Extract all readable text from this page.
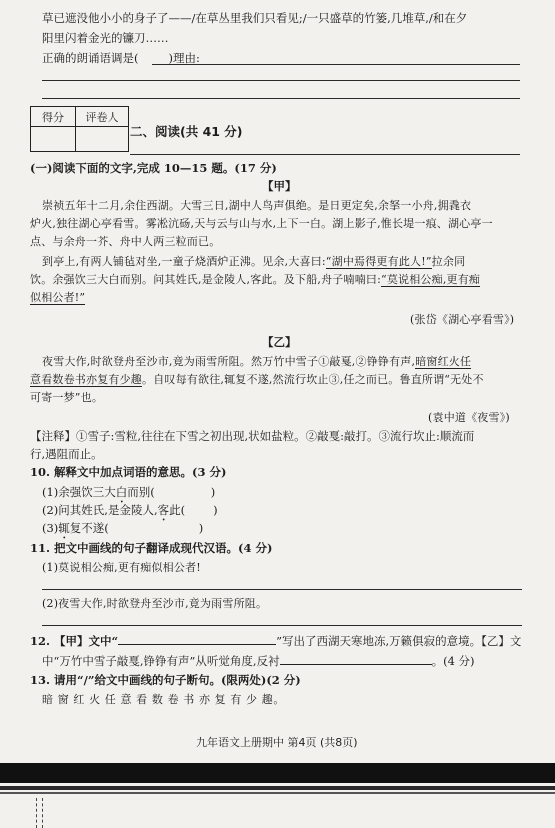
草已遮没他小小的身子了——/在草丛里我们只看见;/一只盛草的竹篓,几堆草,/和在夕
阳里闪着金光的镰刀……
正确的朗诵语调是(	)理由:
得分	评卷人

二、阅读(共 41 分)
(一)阅读下面的文字,完成 10—15 题。(17 分)
【甲】
崇祯五年十二月,余住西湖。大雪三日,湖中人鸟声俱绝。是日更定矣,余拏一小舟,拥毳衣
炉火,独往湖心亭看雪。雾凇沆砀,天与云与山与水,上下一白。湖上影子,惟长堤一痕、湖心亭一
点、与余舟一芥、舟中人两三粒而已。
到亭上,有两人铺毡对坐,一童子烧酒炉正沸。见余,大喜曰:“湖中焉得更有此人!”拉余同
饮。余强饮三大白而别。问其姓氏,是金陵人,客此。及下船,舟子喃喃曰:“莫说相公痴,更有痴
似相公者!”
(张岱《湖心亭看雪》)
【乙】
夜雪大作,时欲登舟至沙市,竟为雨雪所阻。然万竹中雪子①敲戛,②铮铮有声,暗窗红火任
意看数卷书亦复有少趣。自叹每有欲往,辄复不遂,然流行坎止③,任之而已。鲁直所谓“无处不
可寄一梦”也。
(袁中道《夜雪》)
【注释】①雪子:雪粒,往往在下雪之初出现,状如盐粒。②敲戛:敲打。③流行坎止:顺流而
行,遇阻而止。
10. 解释文中加点词语的意思。(3 分)
(1)余强饮三大白而别(	)
(2)问其姓氏,是金陵人,客此( )
(3)辄复不遂(	)
11. 把文中画线的句子翻译成现代汉语。(4 分)
(1)莫说相公痴,更有痴似相公者!
(2)夜雪大作,时欲登舟至沙市,竟为雨雪所阻。
12. 【甲】文中“	”写出了西湖天寒地冻,万籁俱寂的意境。【乙】文
中“万竹中雪子敲戛,铮铮有声”从听觉角度,反衬	。(4 分)
13. 请用“/”给文中画线的句子断句。(限两处)(2 分)
暗 窗 红 火 任 意 看 数 卷 书 亦 复 有 少 趣。
九年语文上册期中 第4页 (共8页)
